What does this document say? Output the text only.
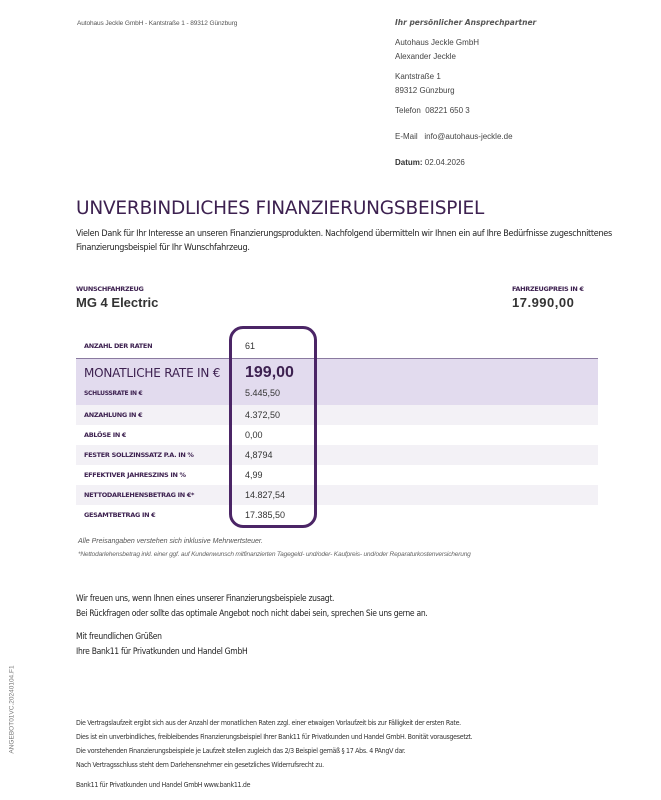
Autohaus Jeckle GmbH - Kantstraße 1 - 89312 Günzburg	Ihr persönlicher Ansprechpartner
Autohaus Jeckle GmbH
Alexander Jeckle
Kantstraße 1
89312 Günzburg
Telefon 08221 650 3
E-Mail info@autohaus-jeckle.de
Datum: 02.04.2026
UNVERBINDLICHES FINANZIERUNGSBEISPIEL
Vielen Dank für Ihr Interesse an unseren Finanzierungsprodukten. Nachfolgend übermitteln wir Ihnen ein auf Ihre Bedürfnisse zugeschnittenes Finanzierungsbeispiel für Ihr Wunschfahrzeug.
WUNSCHFAHRZEUG
MG 4 Electric
FAHRZEUGPREIS IN €
17.990,00
ANZAHL DER RATEN	61
MONATLICHE RATE IN € 199,00
SCHLUSSRATE IN €	5.445,50
ANZAHLUNG IN €	4.372,50
ABLÖSE IN €	0,00
FESTER SOLLZINSSATZ P.A. IN %	4,8794
EFFEKTIVER JAHRESZINS IN %	4,99
NETTODARLEHENSBETRAG IN €*	14.827,54
GESAMTBETRAG IN €	17.385,50
Alle Preisangaben verstehen sich inklusive Mehrwertsteuer.
*Nettodarlehensbetrag inkl. einer ggf. auf Kundenwunsch mitfinanzierten Tagegeld- und/oder- Kaufpreis- und/oder Reparaturkostenversicherung
Wir freuen uns, wenn Ihnen eines unserer Finanzierungsbeispiele zusagt.
Bei Rückfragen oder sollte das optimale Angebot noch nicht dabei sein, sprechen Sie uns gerne an.
Mit freundlichen Grüßen
Ihre Bank11 für Privatkunden und Handel GmbH
Die Vertragslaufzeit ergibt sich aus der Anzahl der monatlichen Raten zzgl. einer etwaigen Vorlaufzeit bis zur Fälligkeit der ersten Rate.
Dies ist ein unverbindliches, freibleibendes Finanzierungsbeispiel Ihrer Bank11 für Privatkunden und Handel GmbH. Bonität vorausgesetzt.
Die vorstehenden Finanzierungsbeispiele je Laufzeit stellen zugleich das 2/3 Beispiel gemäß § 17 Abs. 4 PAngV dar.
Nach Vertragsschluss steht dem Darlehensnehmer ein gesetzliches Widerrufsrecht zu.
Bank11 für Privatkunden und Handel GmbH www.bank11.de
ANGEBOT01VC.20240104.F1
